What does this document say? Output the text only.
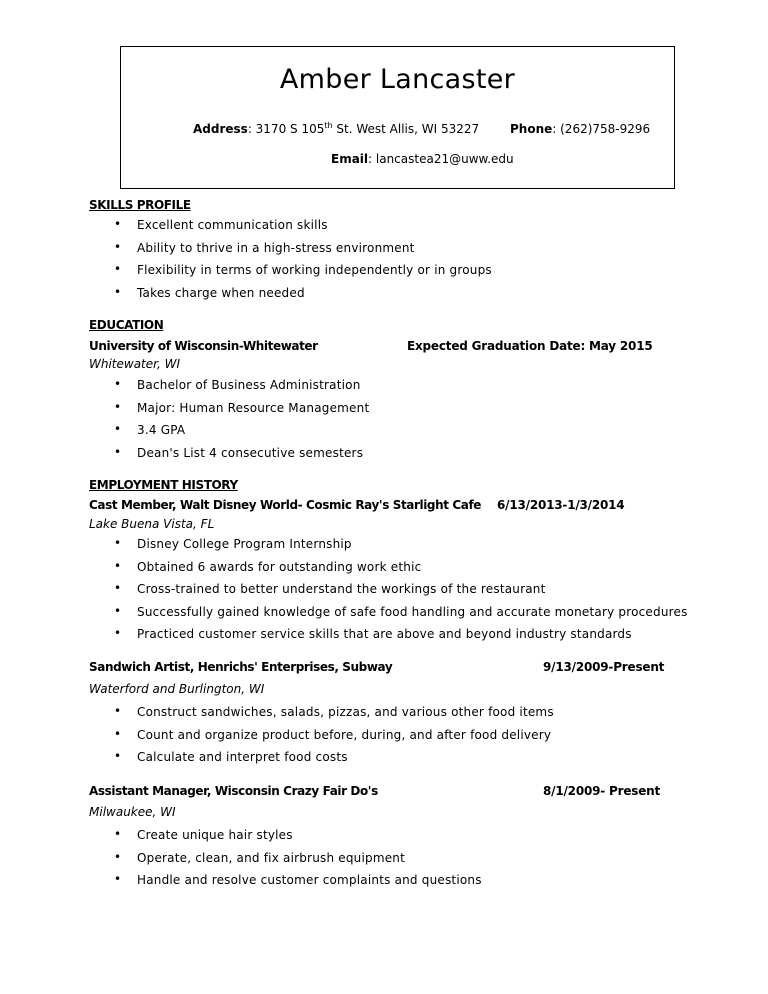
Amber Lancaster
Address: 3170 S 105th St. West Allis, WI 53227	Phone: (262)758-9296
Email: lancastea21@uww.edu
SKILLS PROFILE
• Excellent communication skills
• Ability to thrive in a high-stress environment
• Flexibility in terms of working independently or in groups
• Takes charge when needed
EDUCATION
University of Wisconsin-Whitewater	Expected Graduation Date: May 2015
Whitewater, WI
• Bachelor of Business Administration
• Major: Human Resource Management
• 3.4 GPA
• Dean's List 4 consecutive semesters
EMPLOYMENT HISTORY
Cast Member, Walt Disney World- Cosmic Ray's Starlight Cafe 6/13/2013-1/3/2014
Lake Buena Vista, FL
• Disney College Program Internship
• Obtained 6 awards for outstanding work ethic
• Cross-trained to better understand the workings of the restaurant
• Successfully gained knowledge of safe food handling and accurate monetary procedures
• Practiced customer service skills that are above and beyond industry standards
Sandwich Artist, Henrichs' Enterprises, Subway	9/13/2009-Present
Waterford and Burlington, WI
• Construct sandwiches, salads, pizzas, and various other food items
• Count and organize product before, during, and after food delivery
• Calculate and interpret food costs
Assistant Manager, Wisconsin Crazy Fair Do's	8/1/2009- Present
Milwaukee, WI
• Create unique hair styles
• Operate, clean, and fix airbrush equipment
• Handle and resolve customer complaints and questions
